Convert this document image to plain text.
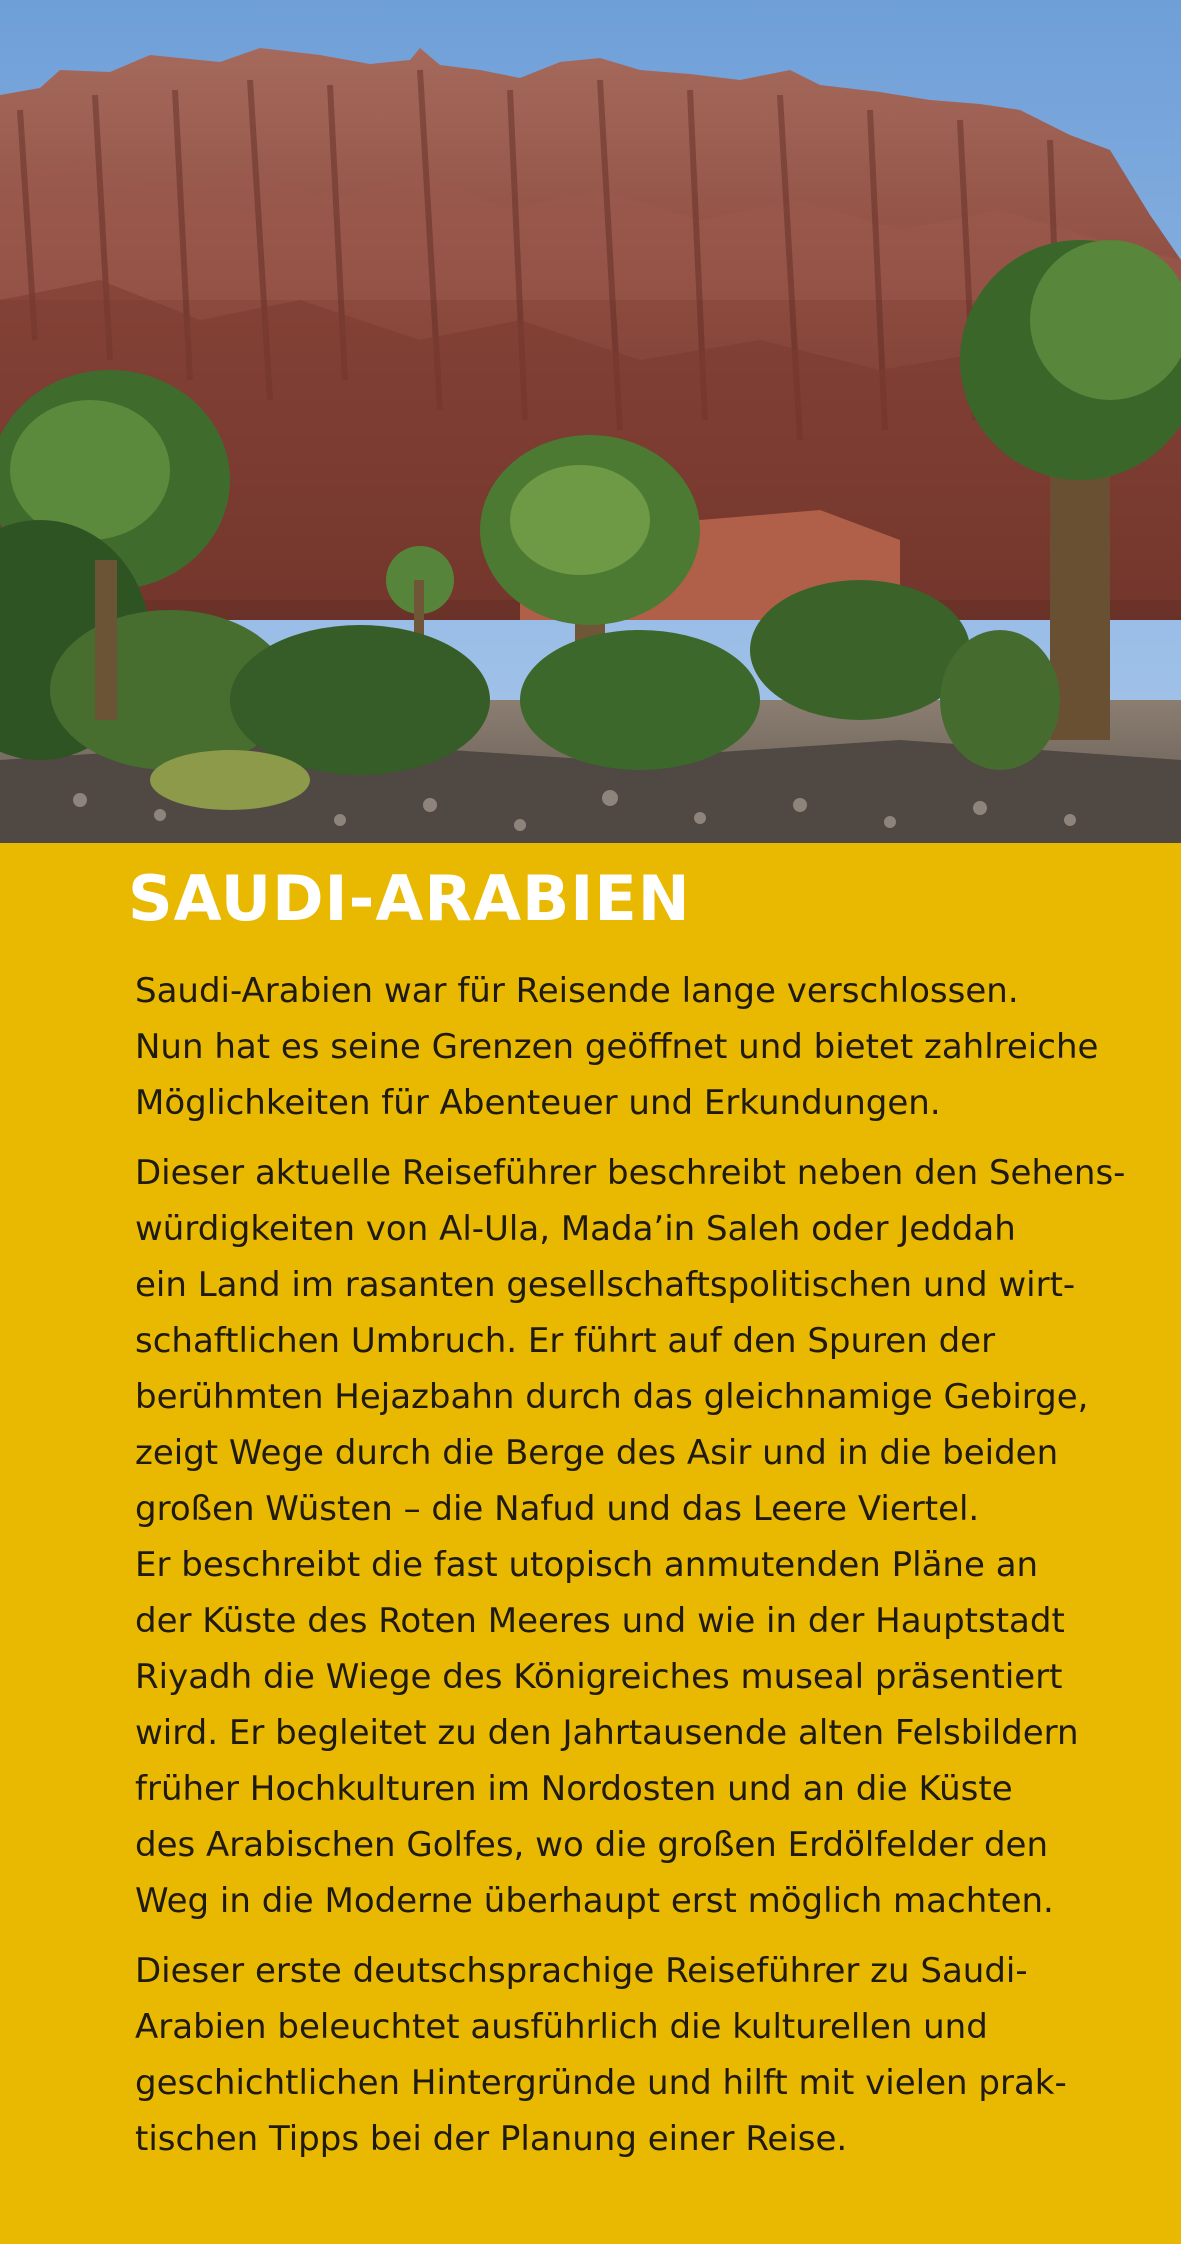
SAUDI-ARABIEN

Saudi-Arabien war für Reisende lange verschlossen.
Nun hat es seine Grenzen geöffnet und bietet zahlreiche
Möglichkeiten für Abenteuer und Erkundungen.

Dieser aktuelle Reiseführer beschreibt neben den Sehens-
würdigkeiten von Al-Ula, Mada’in Saleh oder Jeddah
ein Land im rasanten gesellschaftspolitischen und wirt-
schaftlichen Umbruch. Er führt auf den Spuren der
berühmten Hejazbahn durch das gleichnamige Gebirge,
zeigt Wege durch die Berge des Asir und in die beiden
großen Wüsten – die Nafud und das Leere Viertel.
Er beschreibt die fast utopisch anmutenden Pläne an
der Küste des Roten Meeres und wie in der Hauptstadt
Riyadh die Wiege des Königreiches museal präsentiert
wird. Er begleitet zu den Jahrtausende alten Felsbildern
früher Hochkulturen im Nordosten und an die Küste
des Arabischen Golfes, wo die großen Erdölfelder den
Weg in die Moderne überhaupt erst möglich machten.

Dieser erste deutschsprachige Reiseführer zu Saudi-
Arabien beleuchtet ausführlich die kulturellen und
geschichtlichen Hintergründe und hilft mit vielen prak-
tischen Tipps bei der Planung einer Reise.
